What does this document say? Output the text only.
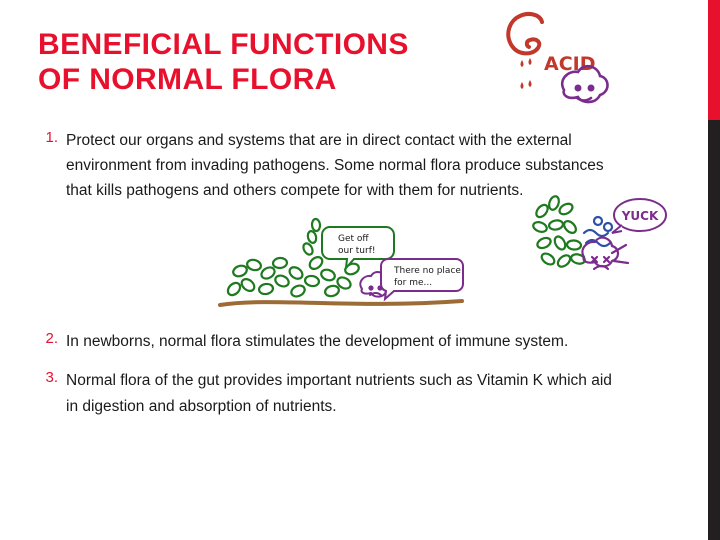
BENEFICIAL FUNCTIONS
OF NORMAL FLORA	ACID
1. Protect our organs and systems that are in direct contact with the external environment from invading pathogens. Some normal flora produce substances that kills pathogens and others compete for with them for nutrients.
Get off
our turf!
There no place
for me...
YUCK
2. In newborns, normal flora stimulates the development of immune system.
3. Normal flora of the gut provides important nutrients such as Vitamin K which aid in digestion and absorption of nutrients.
